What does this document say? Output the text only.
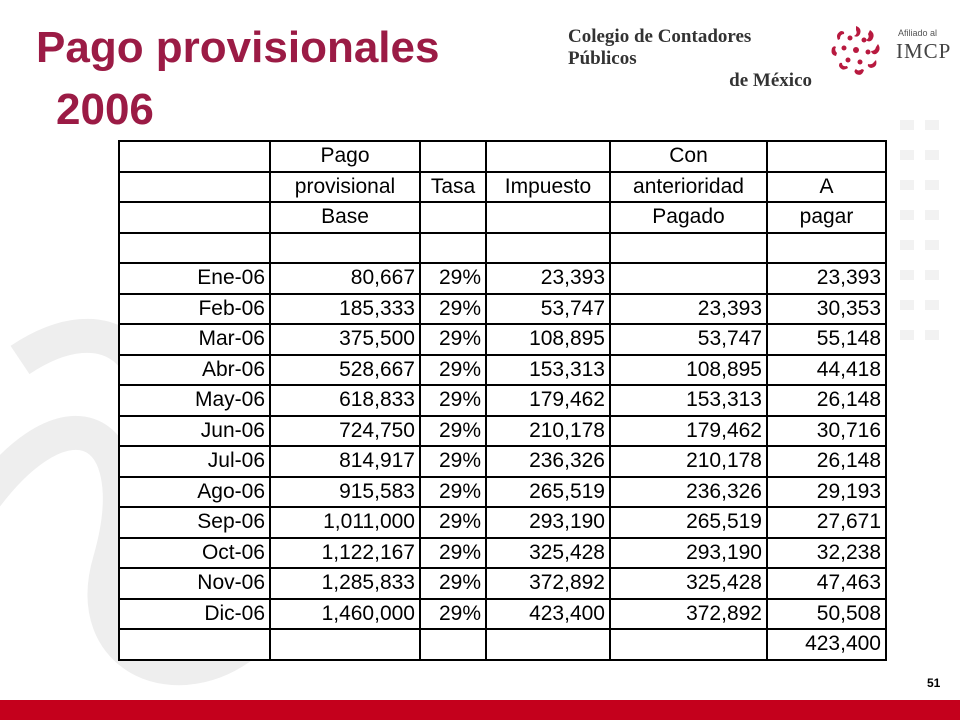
Pago provisionales
2006
Colegio de Contadores Públicos
de México
Afiliado al
IMCP
	Pago			Con	
	provisional	Tasa	Impuesto	anterioridad	A
	Base			Pagado	pagar

Ene-06	80,667	29%	23,393		23,393
Feb-06	185,333	29%	53,747	23,393	30,353
Mar-06	375,500	29%	108,895	53,747	55,148
Abr-06	528,667	29%	153,313	108,895	44,418
May-06	618,833	29%	179,462	153,313	26,148
Jun-06	724,750	29%	210,178	179,462	30,716
Jul-06	814,917	29%	236,326	210,178	26,148
Ago-06	915,583	29%	265,519	236,326	29,193
Sep-06	1,011,000	29%	293,190	265,519	27,671
Oct-06	1,122,167	29%	325,428	293,190	32,238
Nov-06	1,285,833	29%	372,892	325,428	47,463
Dic-06	1,460,000	29%	423,400	372,892	50,508
					423,400
51
